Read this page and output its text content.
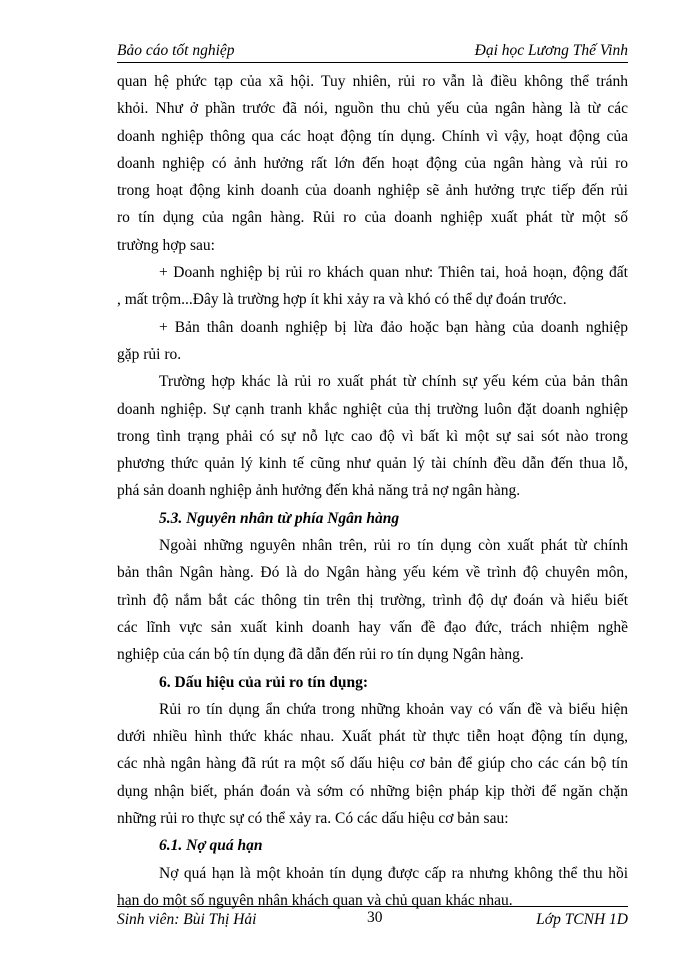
Bảo cáo tốt nghiệp	Đại học Lương Thế Vinh

quan hệ phức tạp của xã hội. Tuy nhiên, rủi ro vẫn là điều không thể tránh
khỏi. Như ở phần trước đã nói, nguồn thu chủ yếu của ngân hàng là từ các
doanh nghiệp thông qua các hoạt động tín dụng. Chính vì vậy, hoạt động của
doanh nghiệp có ảnh hưởng rất lớn đến hoạt động của ngân hàng và rủi ro
trong hoạt động kinh doanh của doanh nghiệp sẽ ảnh hưởng trực tiếp đến rủi
ro tín dụng của ngân hàng. Rủi ro của doanh nghiệp xuất phát từ một số
trường hợp sau:

+ Doanh nghiệp bị rủi ro khách quan như: Thiên tai, hoả hoạn, động đất
, mất trộm...Đây là trường hợp ít khi xảy ra và khó có thể dự đoán trước.

+ Bản thân doanh nghiệp bị lừa đảo hoặc bạn hàng của doanh nghiệp
gặp rủi ro.

Trường hợp khác là rủi ro xuất phát từ chính sự yếu kém của bản thân
doanh nghiệp. Sự cạnh tranh khắc nghiệt của thị trường luôn đặt doanh nghiệp
trong tình trạng phải có sự nỗ lực cao độ vì bất kì một sự sai sót nào trong
phương thức quản lý kinh tế cũng như quản lý tài chính đều dẫn đến thua lỗ,
phá sản doanh nghiệp ảnh hưởng đến khả năng trả nợ ngân hàng.

5.3. Nguyên nhân từ phía Ngân hàng

Ngoài những nguyên nhân trên, rủi ro tín dụng còn xuất phát từ chính
bản thân Ngân hàng. Đó là do Ngân hàng yếu kém về trình độ chuyên môn,
trình độ nắm bắt các thông tin trên thị trường, trình độ dự đoán và hiểu biết
các lĩnh vực sản xuất kinh doanh hay vấn đề đạo đức, trách nhiệm nghề
nghiệp của cán bộ tín dụng đã dẫn đến rủi ro tín dụng Ngân hàng.

6. Dấu hiệu của rủi ro tín dụng:

Rủi ro tín dụng ẩn chứa trong những khoản vay có vấn đề và biểu hiện
dưới nhiều hình thức khác nhau. Xuất phát từ thực tiễn hoạt động tín dụng,
các nhà ngân hàng đã rút ra một số dấu hiệu cơ bản để giúp cho các cán bộ tín
dụng nhận biết, phán đoán và sớm có những biện pháp kịp thời để ngăn chặn
những rủi ro thực sự có thể xảy ra. Có các dấu hiệu cơ bản sau:

6.1. Nợ quá hạn

Nợ quá hạn là một khoản tín dụng được cấp ra nhưng không thể thu hồi
hạn do một số nguyên nhân khách quan và chủ quan khác nhau.

Sinh viên: Bùi Thị Hải	30	Lớp TCNH 1D
